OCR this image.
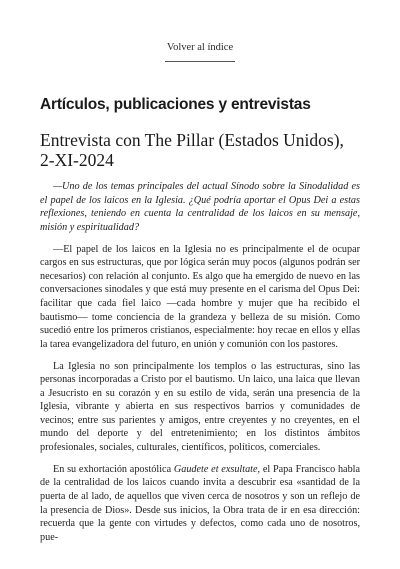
Volver al índice
Artículos, publicaciones y entrevistas
Entrevista con The Pillar (Estados Unidos),
2-XI-2024

—Uno de los temas principales del actual Sínodo sobre la Sinodalidad es el papel de los laicos en la Iglesia. ¿Qué podría aportar el Opus Dei a estas reflexiones, teniendo en cuenta la centralidad de los laicos en su mensaje, misión y espiritualidad?

—El papel de los laicos en la Iglesia no es principalmente el de ocupar cargos en sus estructuras, que por lógica serán muy pocos (algunos podrán ser necesarios) con relación al conjunto. Es algo que ha emergido de nuevo en las conversaciones sinodales y que está muy presente en el carisma del Opus Dei: facilitar que cada fiel laico —cada hombre y mujer que ha recibido el bautismo— tome conciencia de la grandeza y belleza de su misión. Como sucedió entre los primeros cristianos, especialmente: hoy recae en ellos y ellas la tarea evangelizadora del futuro, en unión y comunión con los pastores.

La Iglesia no son principalmente los templos o las estructuras, sino las personas incorporadas a Cristo por el bautismo. Un laico, una laica que llevan a Jesucristo en su corazón y en su estilo de vida, serán una presencia de la Iglesia, vibrante y abierta en sus respectivos barrios y comunidades de vecinos; entre sus parientes y amigos, entre creyentes y no creyentes, en el mundo del deporte y del entretenimiento; en los distintos ámbitos profesionales, sociales, culturales, científicos, políticos, comerciales.

En su exhortación apostólica Gaudete et exsultate, el Papa Francisco habla de la centralidad de los laicos cuando invita a descubrir esa «santidad de la puerta de al lado, de aquellos que viven cerca de nosotros y son un reflejo de la presencia de Dios». Desde sus inicios, la Obra trata de ir en esa dirección: recuerda que la gente con virtudes y defectos, como cada uno de nosotros, pue-
